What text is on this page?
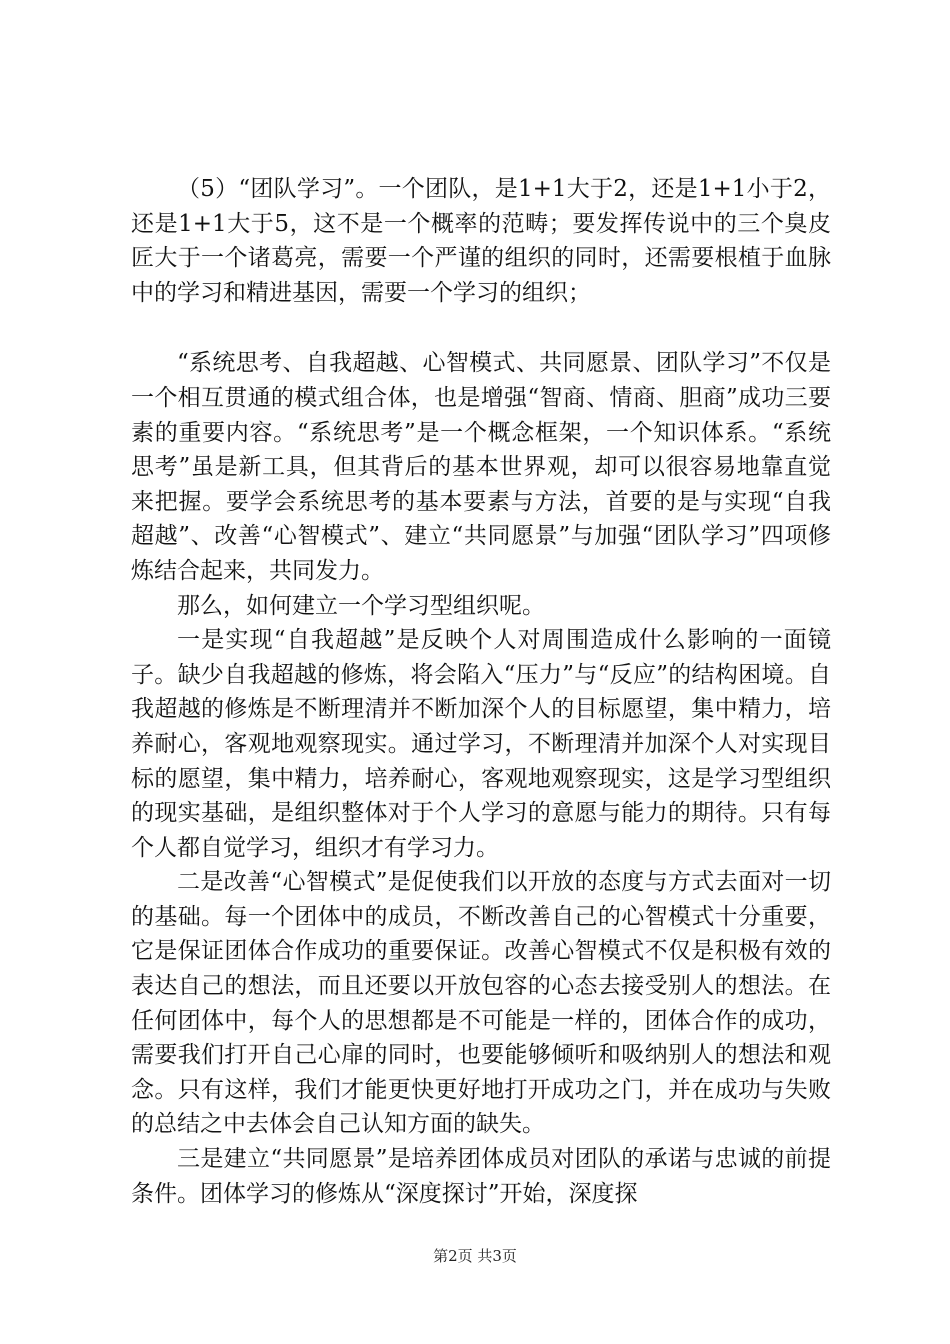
（5）“团队学习”。一个团队，是1+1大于2，还是1+1小于2，还是1+1大于5，这不是一个概率的范畴；要发挥传说中的三个臭皮匠大于一个诸葛亮，需要一个严谨的组织的同时，还需要根植于血脉中的学习和精进基因，需要一个学习的组织；

“系统思考、自我超越、心智模式、共同愿景、团队学习”不仅是一个相互贯通的模式组合体，也是增强“智商、情商、胆商”成功三要素的重要内容。“系统思考”是一个概念框架，一个知识体系。“系统思考”虽是新工具，但其背后的基本世界观，却可以很容易地靠直觉来把握。要学会系统思考的基本要素与方法，首要的是与实现“自我超越”、改善“心智模式”、建立“共同愿景”与加强“团队学习”四项修炼结合起来，共同发力。

那么，如何建立一个学习型组织呢。

一是实现“自我超越”是反映个人对周围造成什么影响的一面镜子。缺少自我超越的修炼，将会陷入“压力”与“反应”的结构困境。自我超越的修炼是不断理清并不断加深个人的目标愿望，集中精力，培养耐心，客观地观察现实。通过学习，不断理清并加深个人对实现目标的愿望，集中精力，培养耐心，客观地观察现实，这是学习型组织的现实基础，是组织整体对于个人学习的意愿与能力的期待。只有每个人都自觉学习，组织才有学习力。

二是改善“心智模式”是促使我们以开放的态度与方式去面对一切的基础。每一个团体中的成员，不断改善自己的心智模式十分重要，它是保证团体合作成功的重要保证。改善心智模式不仅是积极有效的表达自己的想法，而且还要以开放包容的心态去接受别人的想法。在任何团体中，每个人的思想都是不可能是一样的，团体合作的成功，需要我们打开自己心扉的同时，也要能够倾听和吸纳别人的想法和观念。只有这样，我们才能更快更好地打开成功之门，并在成功与失败的总结之中去体会自己认知方面的缺失。

三是建立“共同愿景”是培养团体成员对团队的承诺与忠诚的前提条件。团体学习的修炼从“深度探讨”开始，深度探

第2页 共3页
